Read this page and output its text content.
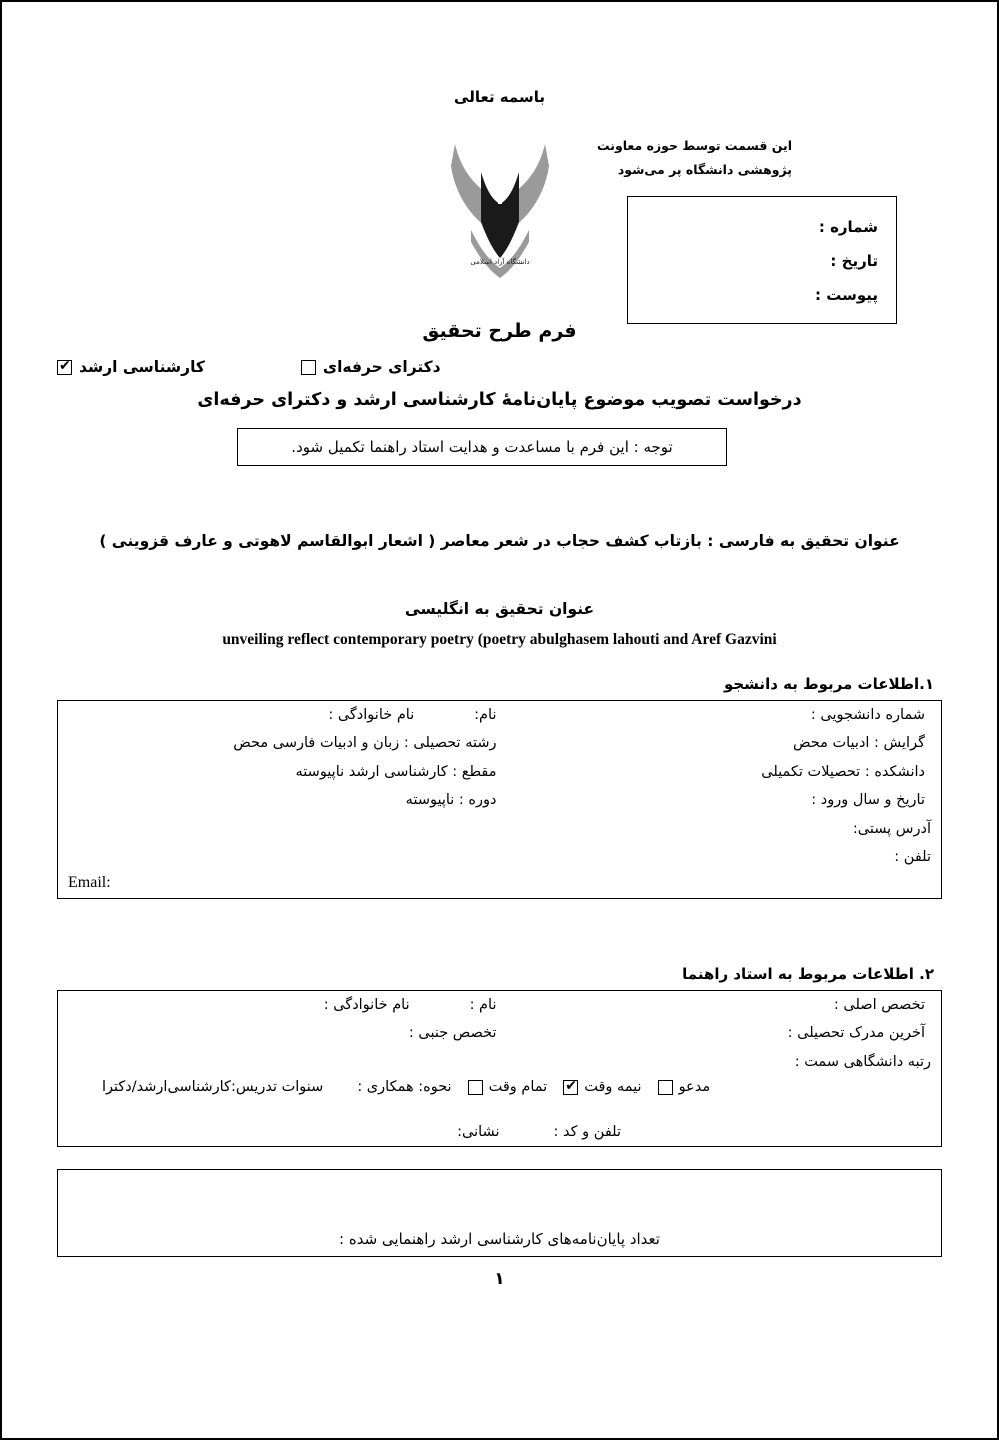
باسمه تعالی
این قسمت توسط حوزه معاونت
پژوهشی دانشگاه پر می‌شود
شماره :
تاریخ :
پیوست :
دانشگاه آزاد اسلامی
فرم طرح تحقیق
✔
کارشناسی ارشد	دکترای حرفه‌ای
درخواست تصویب موضوع پایان‌نامۀ کارشناسی ارشد و دکترای حرفه‌ای
توجه : این فرم با مساعدت و هدایت استاد راهنما تکمیل شود.
عنوان تحقیق به فارسی : بازتاب کشف حجاب در شعر معاصر ( اشعار ابوالقاسم لاهوتی و عارف قزوینی )
عنوان تحقیق به انگلیسی
unveiling reflect contemporary poetry (poetry abulghasem lahouti and Aref Gazvini
۱.اطلاعات مربوط به دانشجو
نام:             نام خانوادگی :	شماره دانشجویی :
رشته تحصیلی : زبان و ادبیات فارسی محض	گرایش : ادبیات محض
مقطع : کارشناسی ارشد ناپیوسته	دانشکده : تحصیلات تکمیلی
دوره : ناپیوسته	تاریخ و سال ورود :
آدرس پستی:
تلفن :
Email:
۲. اطلاعات مربوط به استاد راهنما
نام :             نام خانوادگی :	تخصص اصلی :
تخصص جنبی :	آخرین مدرک تحصیلی :
رتبه دانشگاهی سمت :
سنوات تدریس:کارشناسی‌ارشد/دکترا نحوه: همکاری :	تمام وقت ✔	نیمه وقت	مدعو
نشانی:	تلفن و کد :
تعداد پایان‌نامه‌های کارشناسی ارشد راهنمایی شده :
۱
